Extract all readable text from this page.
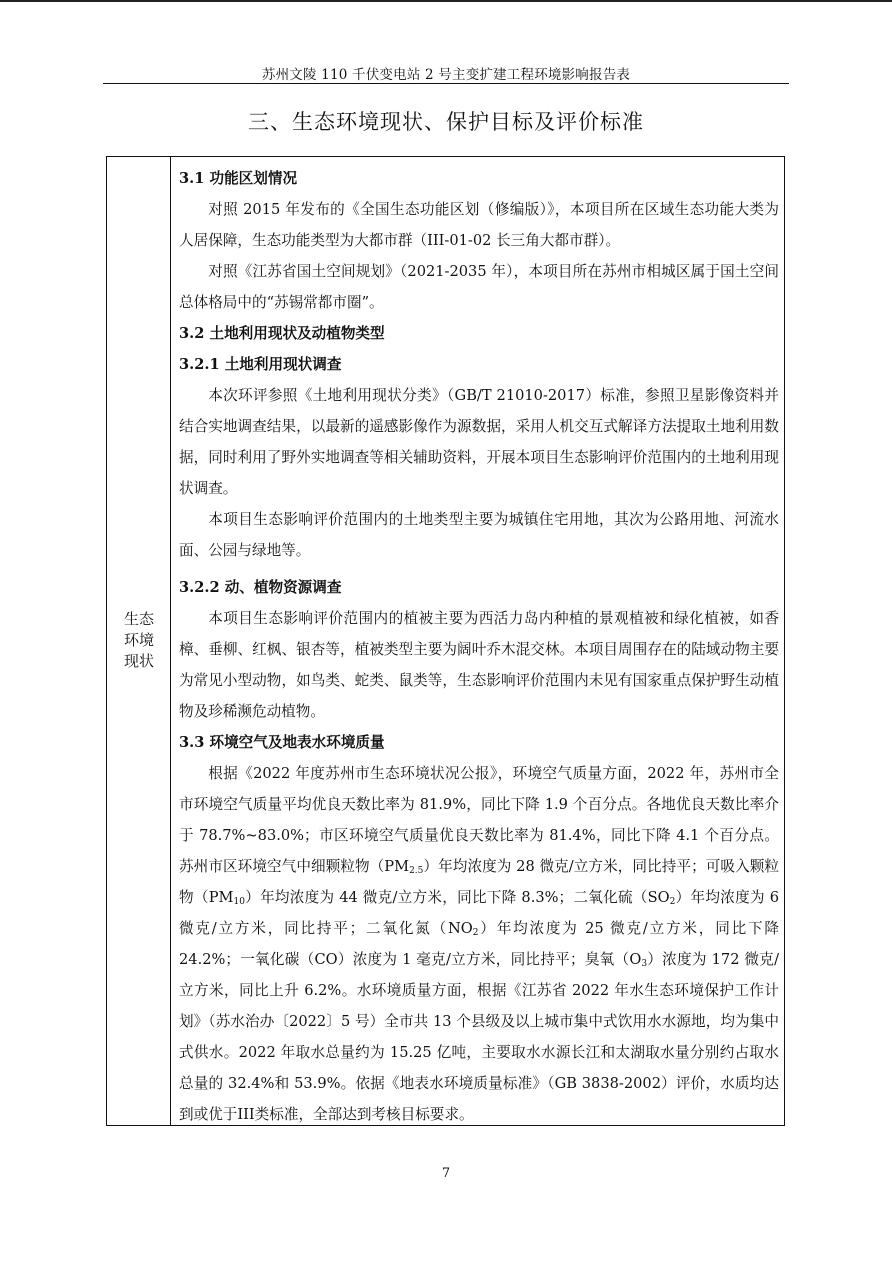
苏州文陵 110 千伏变电站 2 号主变扩建工程环境影响报告表
三、生态环境现状、保护目标及评价标准
生态
环境
现状
3.1 功能区划情况
对照 2015 年发布的《全国生态功能区划（修编版）》，本项目所在区域生态功能大类为人居保障，生态功能类型为大都市群（III-01-02 长三角大都市群）。
对照《江苏省国土空间规划》（2021-2035 年），本项目所在苏州市相城区属于国土空间总体格局中的“苏锡常都市圈”。
3.2 土地利用现状及动植物类型
3.2.1 土地利用现状调查
本次环评参照《土地利用现状分类》（GB/T 21010-2017）标准，参照卫星影像资料并结合实地调查结果，以最新的遥感影像作为源数据，采用人机交互式解译方法提取土地利用数据，同时利用了野外实地调查等相关辅助资料，开展本项目生态影响评价范围内的土地利用现状调查。
本项目生态影响评价范围内的土地类型主要为城镇住宅用地，其次为公路用地、河流水面、公园与绿地等。
3.2.2 动、植物资源调查
本项目生态影响评价范围内的植被主要为西活力岛内种植的景观植被和绿化植被，如香樟、垂柳、红枫、银杏等，植被类型主要为阔叶乔木混交林。本项目周围存在的陆域动物主要为常见小型动物，如鸟类、蛇类、鼠类等，生态影响评价范围内未见有国家重点保护野生动植物及珍稀濒危动植物。
3.3 环境空气及地表水环境质量
根据《2022 年度苏州市生态环境状况公报》，环境空气质量方面，2022 年，苏州市全市环境空气质量平均优良天数比率为 81.9%，同比下降 1.9 个百分点。各地优良天数比率介于 78.7%~83.0%；市区环境空气质量优良天数比率为 81.4%，同比下降 4.1 个百分点。苏州市区环境空气中细颗粒物$(PM_{2.5})$年均浓度为 28 微克/立方米，同比持平；可吸入颗粒物$(PM_{10})$年均浓度为 44 微克/立方米，同比下降 8.3%；二氧化硫$(SO_2)$年均浓度为 6 微克/立方米，同比持平；二氧化氮$(NO_2)$年均浓度为 25 微克/立方米，同比下降 24.2%；一氧化碳（CO）浓度为 1 毫克/立方米，同比持平；臭氧$(O_3)$浓度为 172 微克/立方米，同比上升 6.2%。水环境质量方面，根据《江苏省 2022 年水生态环境保护工作计划》（苏水治办〔2022〕5 号）全市共 13 个县级及以上城市集中式饮用水水源地，均为集中式供水。2022 年取水总量约为 15.25 亿吨，主要取水水源长江和太湖取水量分别约占取水总量的 32.4%和 53.9%。依据《地表水环境质量标准》（GB 3838-2002）评价，水质均达到或优于III类标准，全部达到考核目标要求。
7
